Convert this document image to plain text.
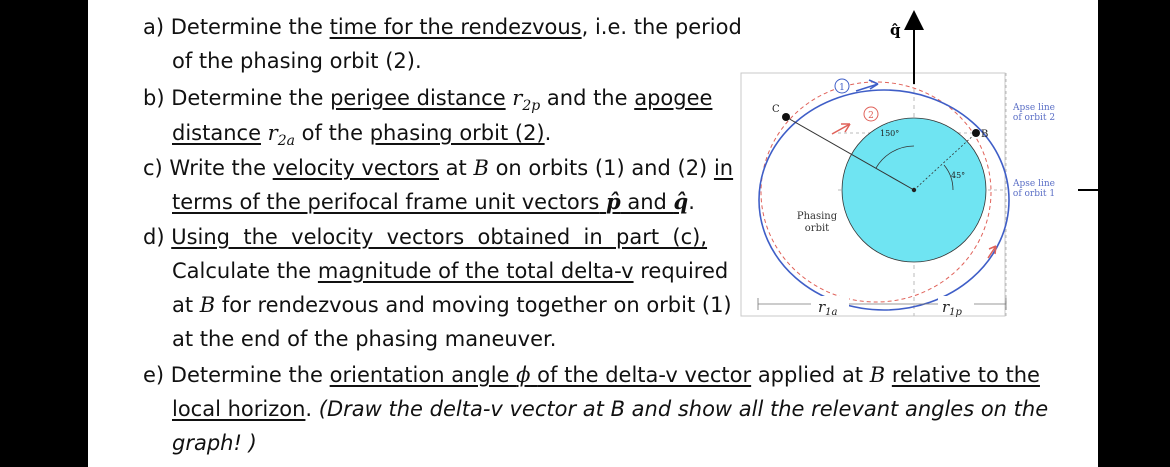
a) Determine the time for the rendezvous, i.e. the period
of the phasing orbit (2).
b) Determine the perigee distance $r_{2p}$ and the apogee
distance $r_{2a}$ of the phasing orbit (2).
c) Write the velocity vectors at B on orbits (1) and (2) in
terms of the perifocal frame unit vectors p̂ and q̂.
d) Using  the  velocity  vectors  obtained  in  part  (c),
Calculate the magnitude of the total delta-v required
at B for rendezvous and moving together on orbit (1)
at the end of the phasing maneuver.
e) Determine the orientation angle ϕ of the delta-v vector applied at B relative to the
local horizon. (Draw the delta-v vector at B and show all the relevant angles on the
graph! )
C
B
1
2
150°
45°
Apse line
of orbit 2
Apse line
of orbit 1
Phasing
orbit
$r_{1a}$	$r_{1p}$
q̂
p̂
